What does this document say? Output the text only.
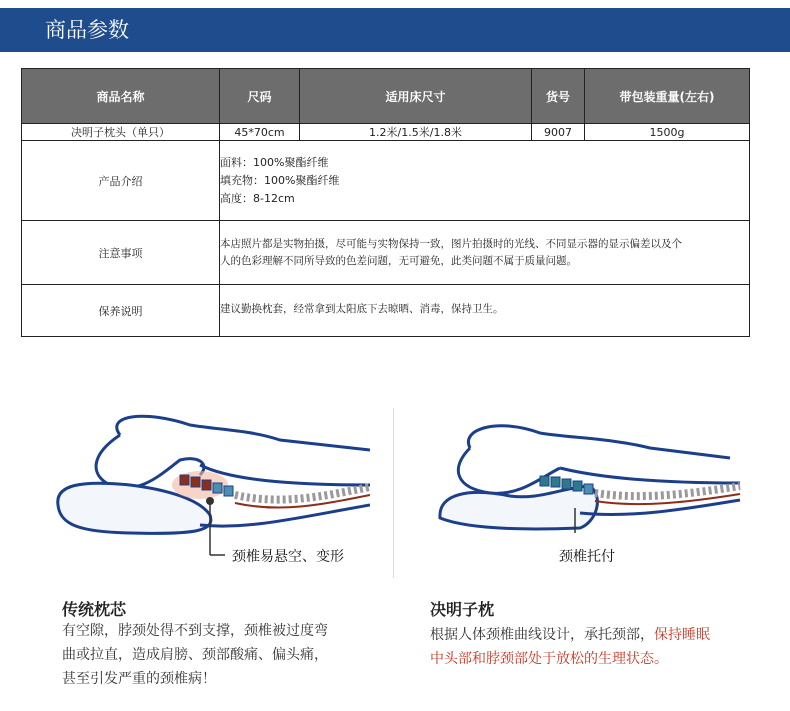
商品参数
商品名称	尺码	适用床尺寸	货号	带包装重量(左右)
决明子枕头（单只）	45*70cm	1.2米/1.5米/1.8米	9007	1500g
产品介绍	面料：100%聚酯纤维
填充物：100%聚酯纤维
高度：8-12cm			

注意事项	本店照片都是实物拍摄，尽可能与实物保持一致，图片拍摄时的光线、不同显示器的显示偏差以及个
人的色彩理解不同所导致的色差问题，无可避免，此类问题不属于质量问题。			

保养说明	建议勤换枕套，经常拿到太阳底下去晾晒、消毒，保持卫生。			
颈椎易悬空、变形	颈椎托付
传统枕芯
有空隙，脖颈处得不到支撑，颈椎被过度弯
曲或拉直，造成肩膀、颈部酸痛、偏头痛，
甚至引发严重的颈椎病！
决明子枕
根据人体颈椎曲线设计，承托颈部，保持睡眠
中头部和脖颈部处于放松的生理状态。
